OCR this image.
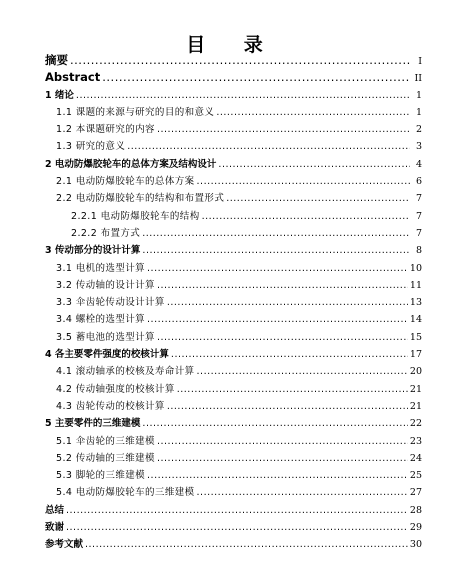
目 录
摘要 .....	I
Abstract .....	II
1 绪论 .....	1
1.1 课题的来源与研究的目的和意义 .....	1
1.2 本课题研究的内容 .....	2
1.3 研究的意义 .....	3
2 电动防爆胶轮车的总体方案及结构设计 .....	4
2.1 电动防爆胶轮车的总体方案 .....	6
2.2 电动防爆胶轮车的结构和布置形式 .....	7
2.2.1 电动防爆胶轮车的结构 .....	7
2.2.2 布置方式 .....	7
3 传动部分的设计计算 .....	8
3.1 电机的选型计算 .....	10
3.2 传动轴的设计计算 .....	11
3.3 伞齿轮传动设计计算 .....	13
3.4 螺栓的选型计算 .....	14
3.5 蓄电池的选型计算 .....	15
4 各主要零件强度的校核计算 .....	17
4.1 滚动轴承的校核及寿命计算 .....	20
4.2 传动轴强度的校核计算 .....	21
4.3 齿轮传动的校核计算 .....	21
5 主要零件的三维建模 .....	22
5.1 伞齿轮的三维建模 .....	23
5.2 传动轴的三维建模 .....	24
5.3 脚轮的三维建模 .....	25
5.4 电动防爆胶轮车的三维建模 .....	27
总结 .....	28
致谢 .....	29
参考文献 .....	30
